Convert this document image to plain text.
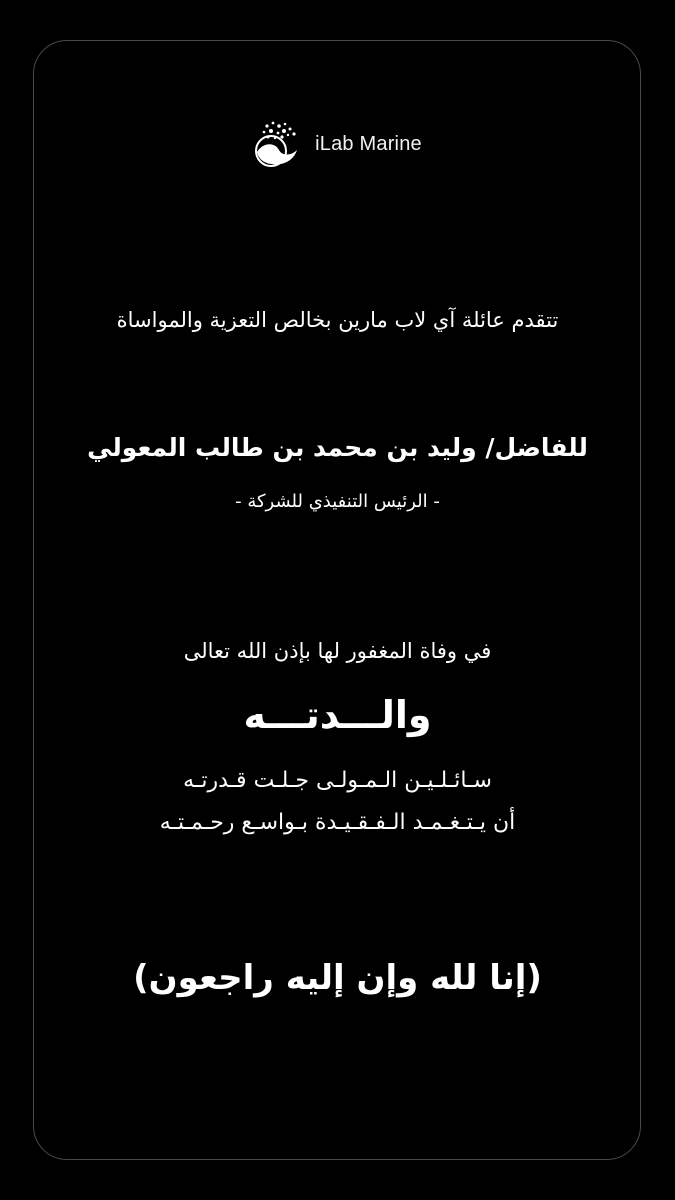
iLab Marine
تتقدم عائلة آي لاب مارين بخالص التعزية والمواساة
للفاضل/ وليد بن محمد بن طالب المعولي
- الرئيس التنفيذي للشركة -
في وفاة المغفور لها بإذن الله تعالى
والـــدتـــه
سـائـلـيـن الـمـولـى جـلـت قـدرتـه
أن يـتـغـمـد الـفـقـيـدة بـواسـع رحـمـتـه
(إنا لله وإن إليه راجعون)
